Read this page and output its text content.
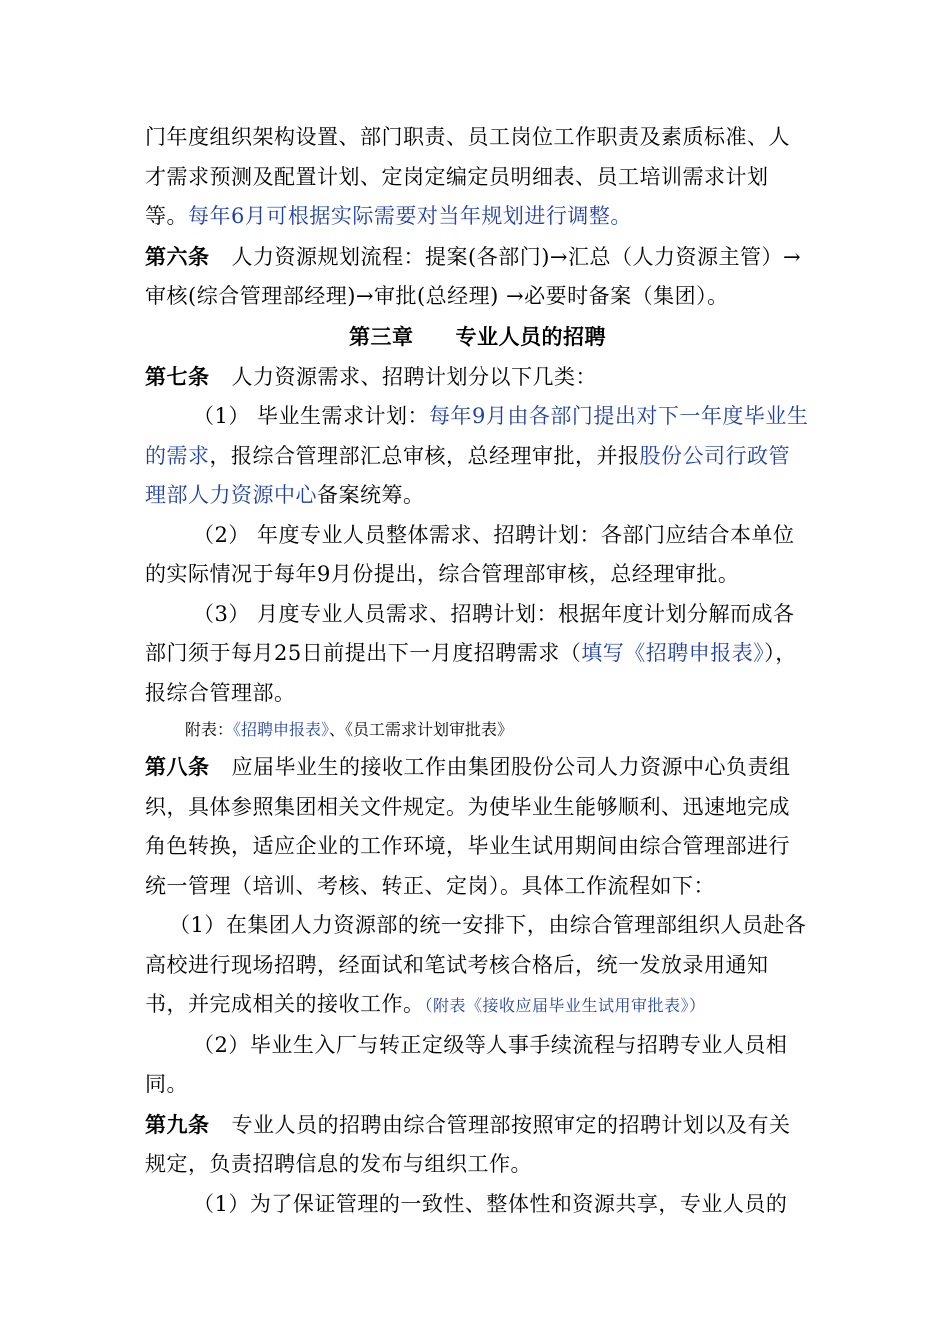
门年度组织架构设置、部门职责、员工岗位工作职责及素质标准、人才需求预测及配置计划、定岗定编定员明细表、员工培训需求计划等。每年6月可根据实际需要对当年规划进行调整。

第六条 人力资源规划流程：提案(各部门)→汇总（人力资源主管）→审核(综合管理部经理)→审批(总经理) →必要时备案（集团）。

第三章 专业人员的招聘

第七条 人力资源需求、招聘计划分以下几类：

（1） 毕业生需求计划：每年9月由各部门提出对下一年度毕业生的需求，报综合管理部汇总审核，总经理审批，并报股份公司行政管理部人力资源中心备案统筹。

（2） 年度专业人员整体需求、招聘计划：各部门应结合本单位的实际情况于每年9月份提出，综合管理部审核，总经理审批。

（3） 月度专业人员需求、招聘计划：根据年度计划分解而成各部门须于每月25日前提出下一月度招聘需求（填写《招聘申报表》），报综合管理部。

附表：《招聘申报表》、《员工需求计划审批表》

第八条 应届毕业生的接收工作由集团股份公司人力资源中心负责组织，具体参照集团相关文件规定。为使毕业生能够顺利、迅速地完成角色转换，适应企业的工作环境，毕业生试用期间由综合管理部进行统一管理（培训、考核、转正、定岗）。具体工作流程如下：

（1）在集团人力资源部的统一安排下，由综合管理部组织人员赴各高校进行现场招聘，经面试和笔试考核合格后，统一发放录用通知书，并完成相关的接收工作。（附表《接收应届毕业生试用审批表》）

（2）毕业生入厂与转正定级等人事手续流程与招聘专业人员相同。

第九条 专业人员的招聘由综合管理部按照审定的招聘计划以及有关规定，负责招聘信息的发布与组织工作。

（1）为了保证管理的一致性、整体性和资源共享，专业人员的
